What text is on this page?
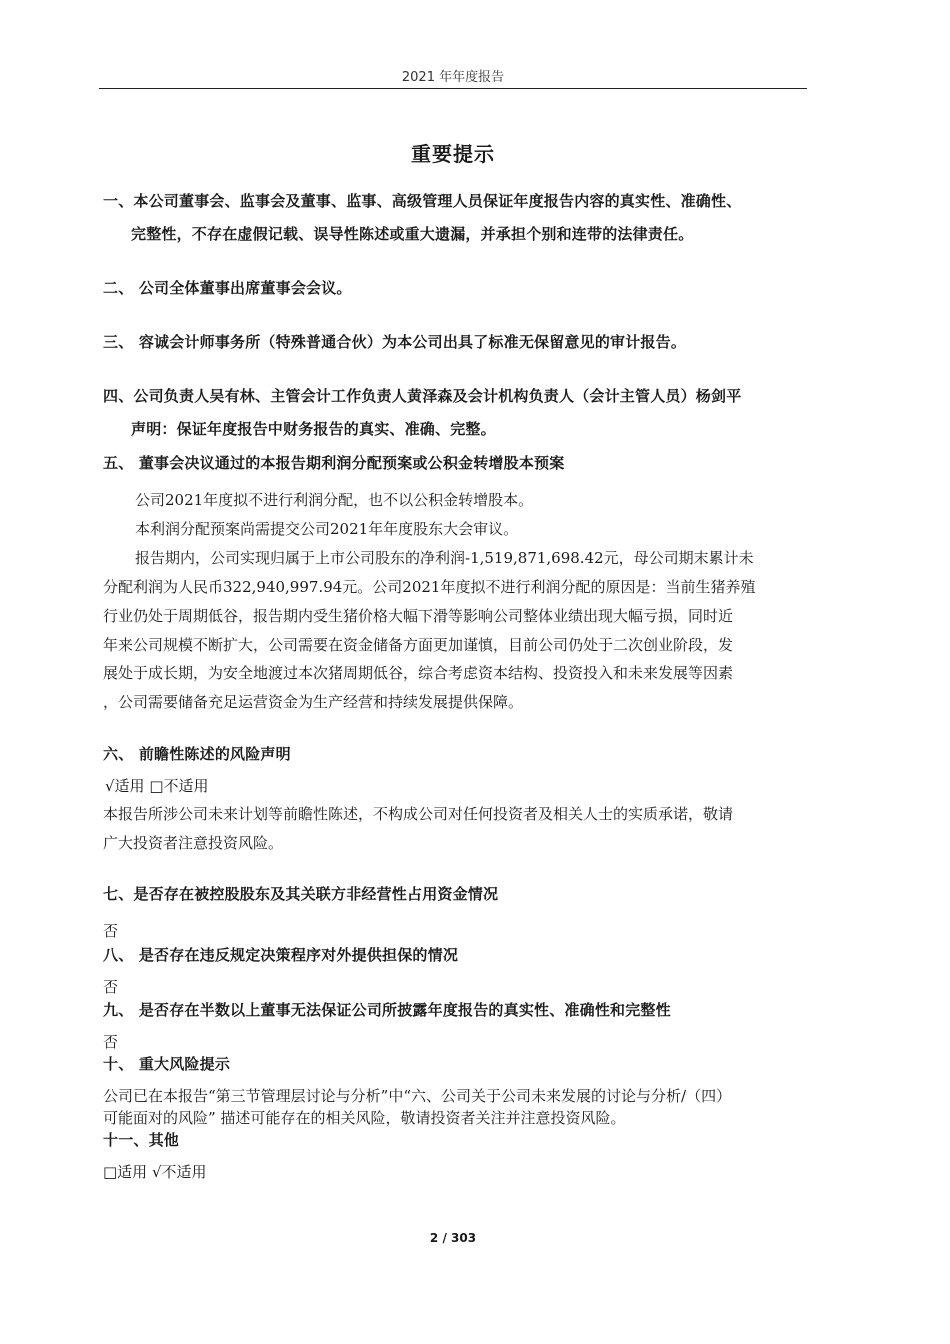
2021 年年度报告
重要提示
一、本公司董事会、监事会及董事、监事、高级管理人员保证年度报告内容的真实性、准确性、
完整性，不存在虚假记载、误导性陈述或重大遗漏，并承担个别和连带的法律责任。
二、 公司全体董事出席董事会会议。
三、 容诚会计师事务所（特殊普通合伙）为本公司出具了标准无保留意见的审计报告。
四、公司负责人吴有林、主管会计工作负责人黄泽森及会计机构负责人（会计主管人员）杨剑平
声明：保证年度报告中财务报告的真实、准确、完整。
五、 董事会决议通过的本报告期利润分配预案或公积金转增股本预案
公司2021年度拟不进行利润分配，也不以公积金转增股本。
本利润分配预案尚需提交公司2021年年度股东大会审议。
报告期内，公司实现归属于上市公司股东的净利润-1,519,871,698.42元，母公司期末累计未
分配利润为人民币322,940,997.94元。公司2021年度拟不进行利润分配的原因是：当前生猪养殖
行业仍处于周期低谷，报告期内受生猪价格大幅下滑等影响公司整体业绩出现大幅亏损，同时近
年来公司规模不断扩大，公司需要在资金储备方面更加谨慎，目前公司仍处于二次创业阶段，发
展处于成长期，为安全地渡过本次猪周期低谷，综合考虑资本结构、投资投入和未来发展等因素
，公司需要储备充足运营资金为生产经营和持续发展提供保障。
六、 前瞻性陈述的风险声明
√适用 □不适用
本报告所涉公司未来计划等前瞻性陈述，不构成公司对任何投资者及相关人士的实质承诺，敬请
广大投资者注意投资风险。
七、是否存在被控股股东及其关联方非经营性占用资金情况
否
八、 是否存在违反规定决策程序对外提供担保的情况
否
九、 是否存在半数以上董事无法保证公司所披露年度报告的真实性、准确性和完整性
否
十、 重大风险提示
公司已在本报告“第三节管理层讨论与分析”中“六、公司关于公司未来发展的讨论与分析/（四）
可能面对的风险” 描述可能存在的相关风险，敬请投资者关注并注意投资风险。
十一、其他
□适用 √不适用
2 / 303
